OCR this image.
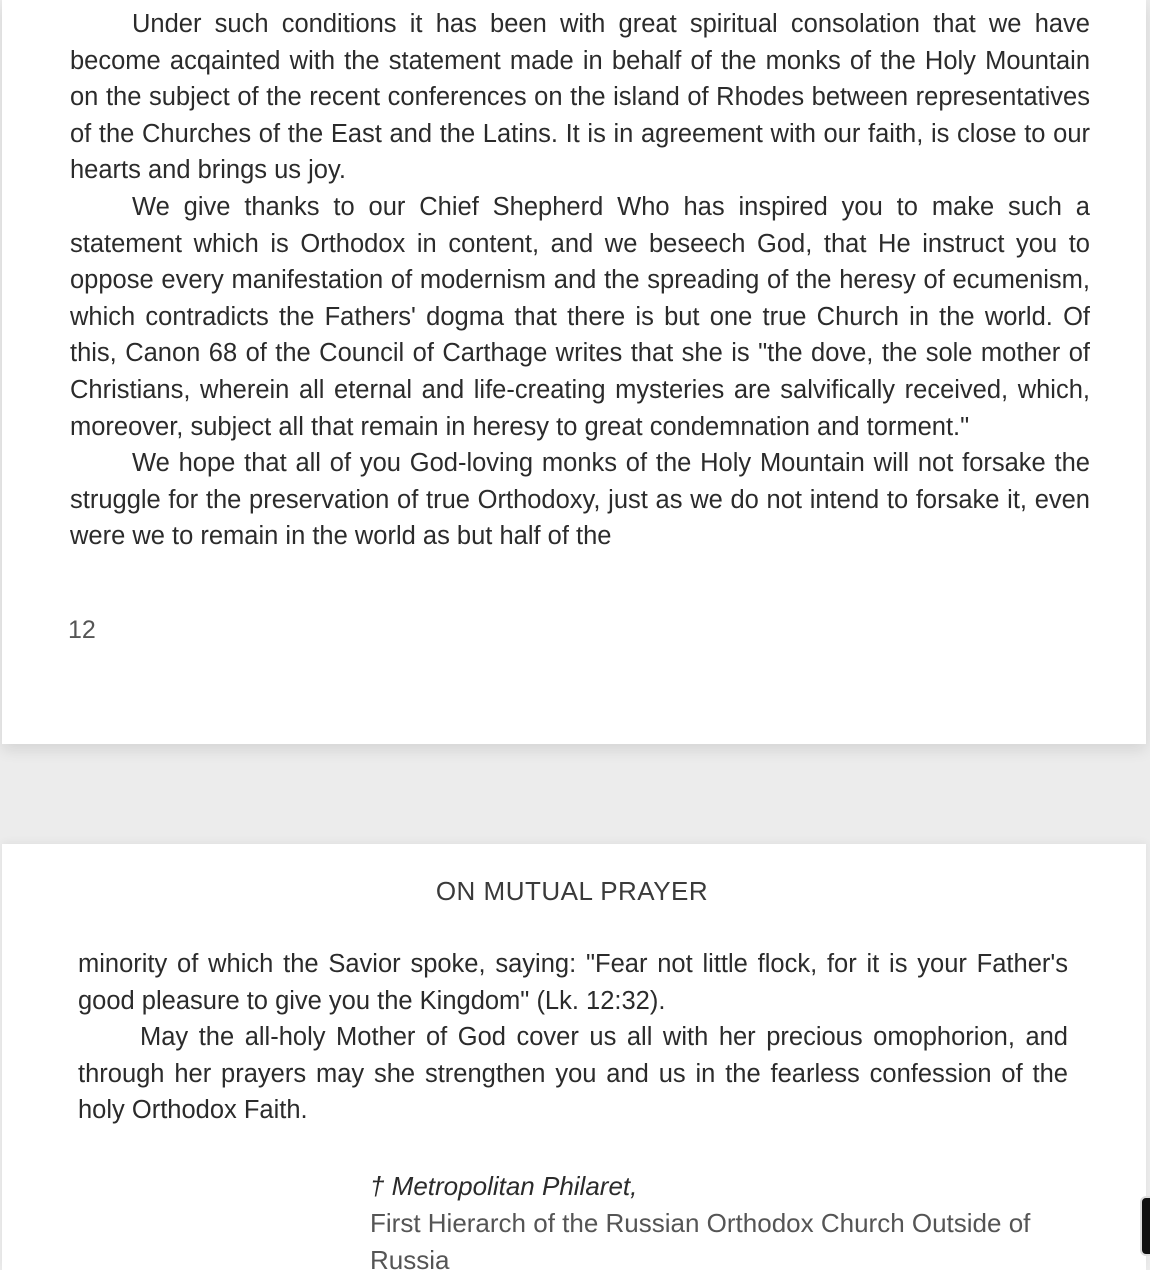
Under such conditions it has been with great spiritual consolation that we have become acqainted with the statement made in behalf of the monks of the Holy Mountain on the subject of the recent conferences on the island of Rhodes between representatives of the Churches of the East and the Latins. It is in agreement with our faith, is close to our hearts and brings us joy.

We give thanks to our Chief Shepherd Who has inspired you to make such a statement which is Orthodox in content, and we beseech God, that He instruct you to oppose every manifestation of modernism and the spreading of the heresy of ecumenism, which contradicts the Fathers' dogma that there is but one true Church in the world. Of this, Canon 68 of the Council of Carthage writes that she is "the dove, the sole mother of Christians, wherein all eternal and life-creating mysteries are salvifically received, which, moreover, subject all that remain in heresy to great condemnation and torment."

We hope that all of you God-loving monks of the Holy Mountain will not forsake the struggle for the preservation of true Orthodoxy, just as we do not intend to forsake it, even were we to remain in the world as but half of the

12
ON MUTUAL PRAYER

minority of which the Savior spoke, saying: "Fear not little flock, for it is your Father's good pleasure to give you the Kingdom" (Lk. 12:32).

May the all-holy Mother of God cover us all with her precious omophorion, and through her prayers may she strengthen you and us in the fearless confession of the holy Orthodox Faith.

† Metropolitan Philaret,
First Hierarch of the Russian Orthodox Church Outside of Russia
